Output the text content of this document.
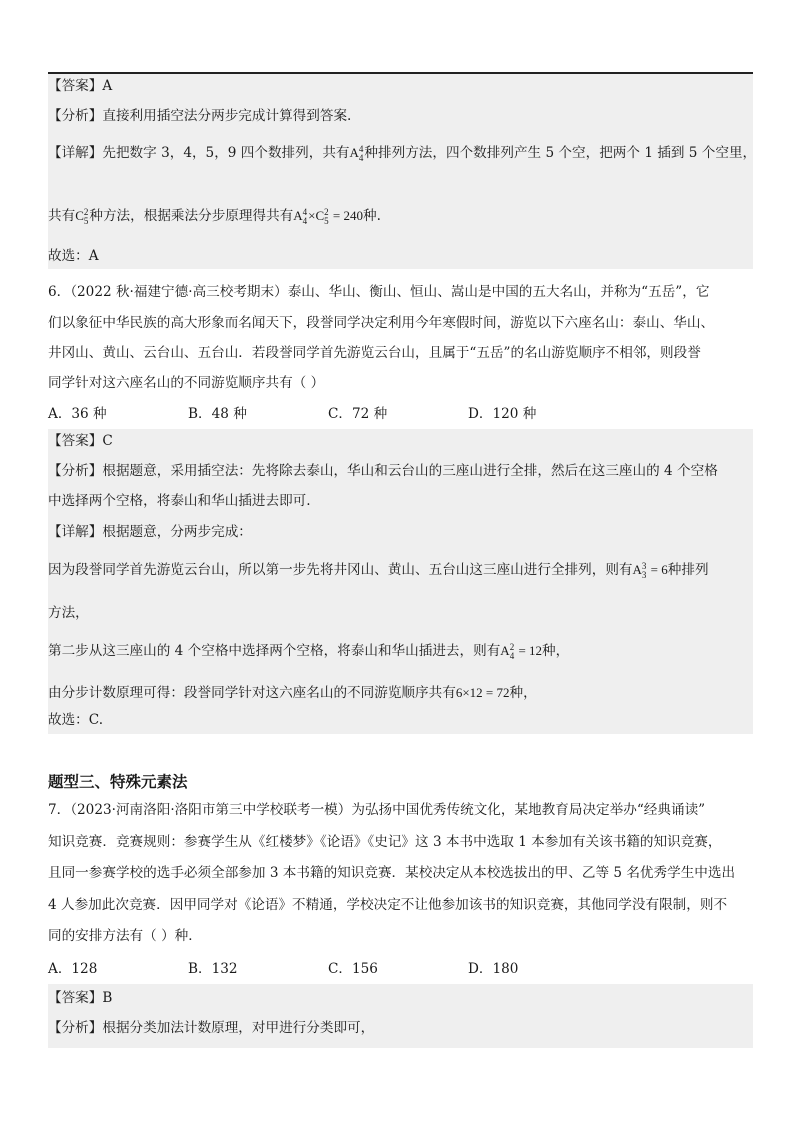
【答案】A
【分析】直接利用插空法分两步完成计算得到答案.
【详解】先把数字 3，4，5，9 四个数排列，共有A 4
4 种排列方法，四个数排列产生 5 个空，把两个 1 插到 5 个空里，
共有C 2
5 种方法，根据乘法分步原理得共有A 4
4 ×C 2
5 = 240种.
故选：A
6．（2022 秋·福建宁德·高三校考期末）泰山、华山、衡山、恒山、嵩山是中国的五大名山，并称为“五岳”，它
们以象征中华民族的高大形象而名闻天下，段誉同学决定利用今年寒假时间，游览以下六座名山：泰山、华山、
井冈山、黄山、云台山、五台山．若段誉同学首先游览云台山，且属于“五岳”的名山游览顺序不相邻，则段誉
同学针对这六座名山的不同游览顺序共有（ ）
A．36 种	B．48 种	C．72 种	D．120 种
【答案】C
【分析】根据题意，采用插空法：先将除去泰山，华山和云台山的三座山进行全排，然后在这三座山的 4 个空格
中选择两个空格，将泰山和华山插进去即可.
【详解】根据题意，分两步完成：
因为段誉同学首先游览云台山，所以第一步先将井冈山、黄山、五台山这三座山进行全排列，则有A 3
3 = 6种排列
方法，
第二步从这三座山的 4 个空格中选择两个空格，将泰山和华山插进去，则有A 2
4 = 12种，
由分步计数原理可得：段誉同学针对这六座名山的不同游览顺序共有6×12 = 72种，
故选：C.
题型三、特殊元素法
7．（2023·河南洛阳·洛阳市第三中学校联考一模）为弘扬中国优秀传统文化，某地教育局决定举办“经典诵读”
知识竞赛．竞赛规则：参赛学生从《红楼梦》《论语》《史记》这 3 本书中选取 1 本参加有关该书籍的知识竞赛，
且同一参赛学校的选手必须全部参加 3 本书籍的知识竞赛．某校决定从本校选拔出的甲、乙等 5 名优秀学生中选出
4 人参加此次竞赛．因甲同学对《论语》不精通，学校决定不让他参加该书的知识竞赛，其他同学没有限制，则不
同的安排方法有（ ）种．
A．128	B．132	C．156	D．180
【答案】B
【分析】根据分类加法计数原理，对甲进行分类即可，
